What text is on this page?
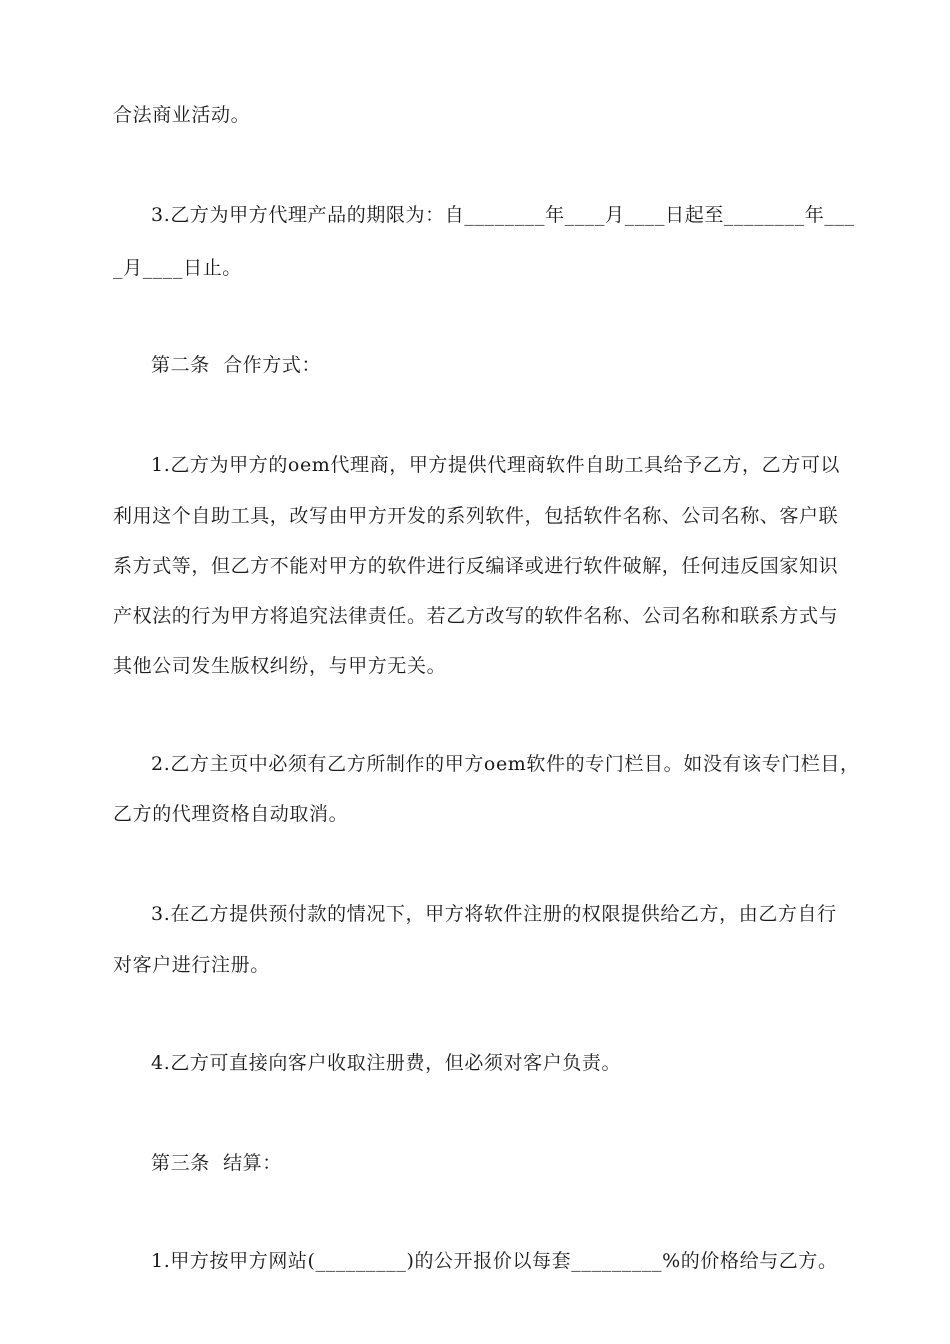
合法商业活动。
3.乙方为甲方代理产品的期限为：自________年____月____日起至________年___
_月____日止。
第二条  合作方式：
1.乙方为甲方的oem代理商，甲方提供代理商软件自助工具给予乙方，乙方可以
利用这个自助工具，改写由甲方开发的系列软件，包括软件名称、公司名称、客户联
系方式等，但乙方不能对甲方的软件进行反编译或进行软件破解，任何违反国家知识
产权法的行为甲方将追究法律责任。若乙方改写的软件名称、公司名称和联系方式与
其他公司发生版权纠纷，与甲方无关。
2.乙方主页中必须有乙方所制作的甲方oem软件的专门栏目。如没有该专门栏目，
乙方的代理资格自动取消。
3.在乙方提供预付款的情况下，甲方将软件注册的权限提供给乙方，由乙方自行
对客户进行注册。
4.乙方可直接向客户收取注册费，但必须对客户负责。
第三条  结算：
1.甲方按甲方网站(_________)的公开报价以每套_________%的价格给与乙方。
